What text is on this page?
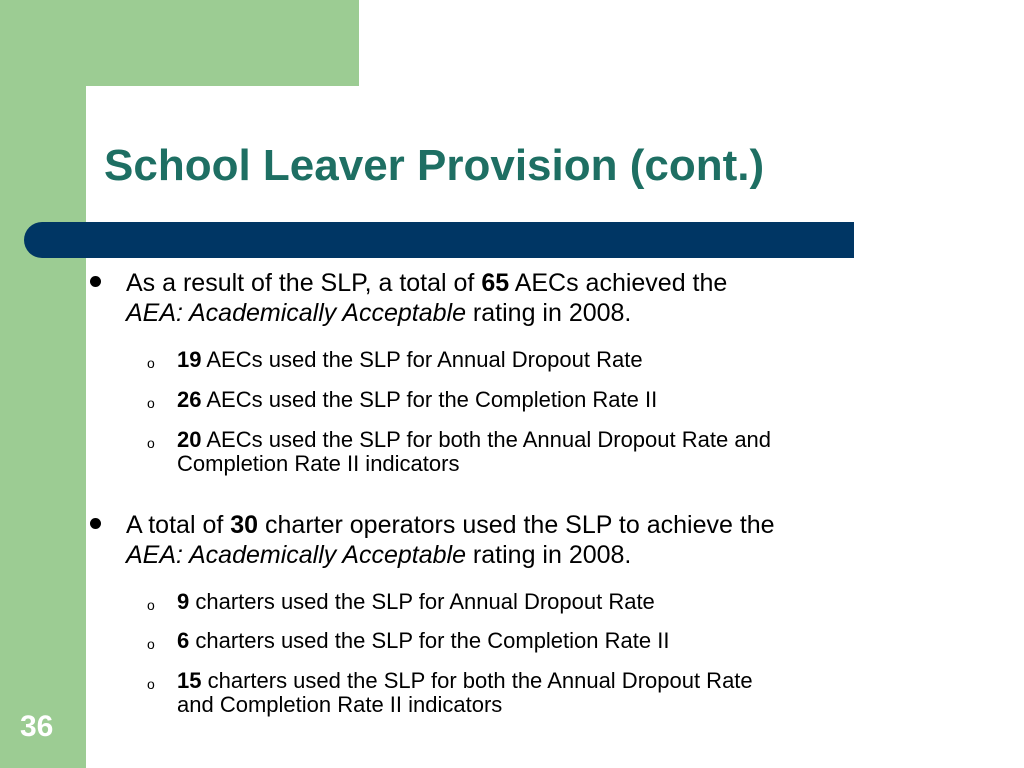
School Leaver Provision (cont.)
As a result of the SLP, a total of 65 AECs achieved the
AEA: Academically Acceptable rating in 2008.
o 19 AECs used the SLP for Annual Dropout Rate
o 26 AECs used the SLP for the Completion Rate II
o 20 AECs used the SLP for both the Annual Dropout Rate and
Completion Rate II indicators
A total of 30 charter operators used the SLP to achieve the
AEA: Academically Acceptable rating in 2008.
o 9 charters used the SLP for Annual Dropout Rate
o 6 charters used the SLP for the Completion Rate II
o 15 charters used the SLP for both the Annual Dropout Rate
and Completion Rate II indicators
36
